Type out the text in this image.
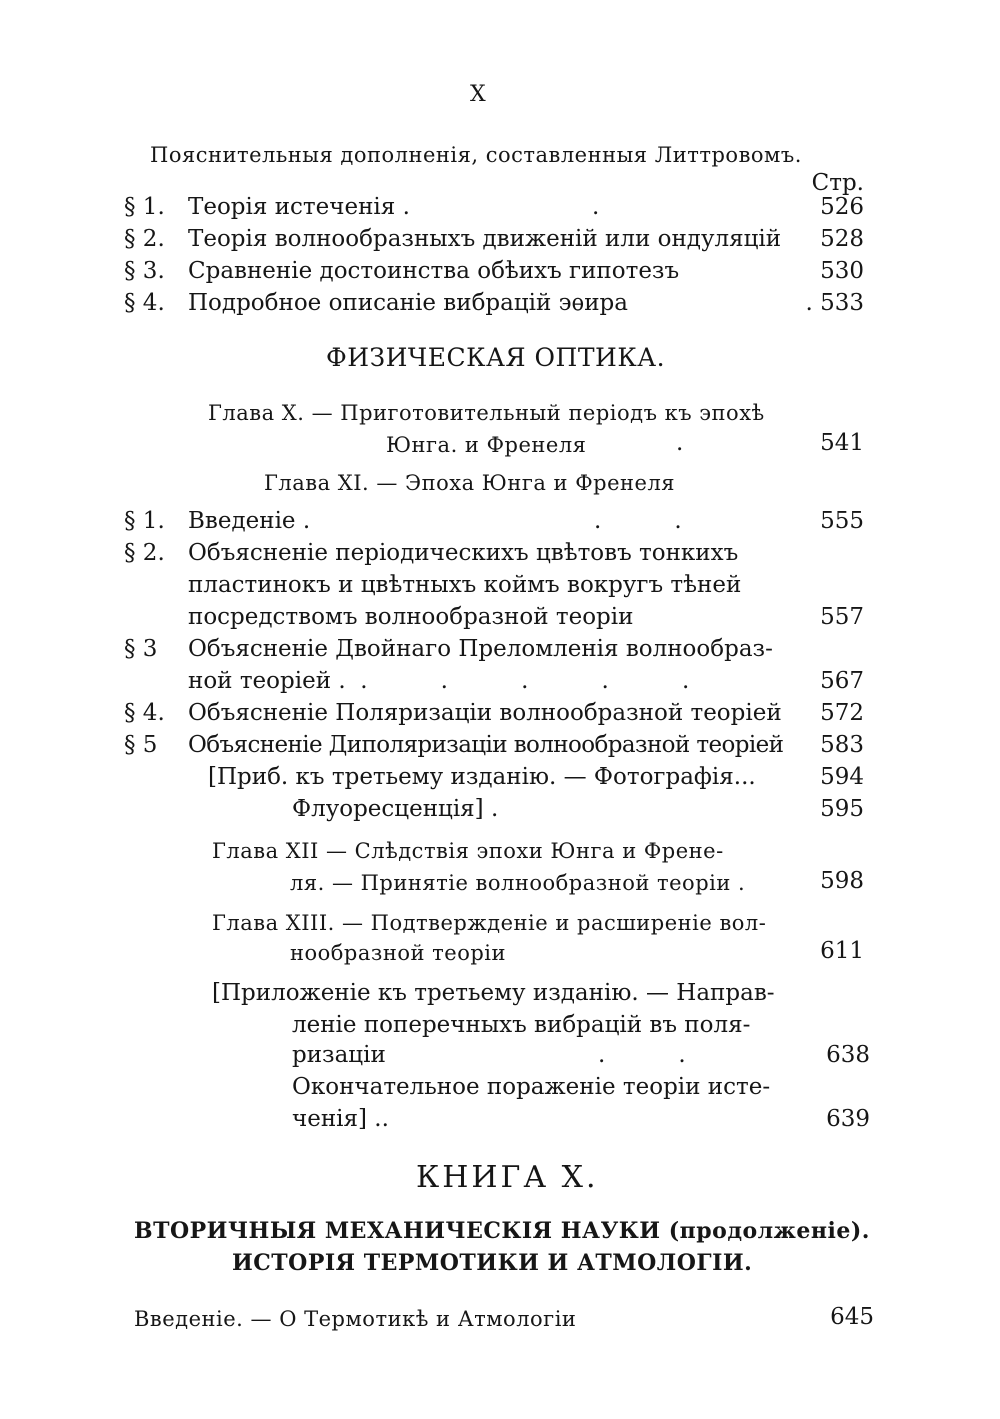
X
Пояснительныя дополненія, составленныя Литтровомъ.
Стр.
§ 1. Теорія истеченія .	.	526
§ 2. Теорія волнообразныхъ движеній или ондуляцій	528
§ 3. Сравненіе достоинства обѣихъ гипотезъ	530
§ 4. Подробное описаніе вибрацій эѳира	. 533
ФИЗИЧЕСКАЯ ОПТИКА.
Глава X. — Приготовительный періодъ къ эпохѣ
Юнга. и Френеля	.	541
Глава XI. — Эпоха Юнга и Френеля
§ 1. Введеніе .	.          .	555
§ 2. Объясненіе періодическихъ цвѣтовъ тонкихъ
пластинокъ и цвѣтныхъ коймъ вокругъ тѣней
посредствомъ волнообразной теоріи	557
§ 3 Объясненіе Двойнаго Преломленія волнообраз-
ной теоріей .  .          .          .          .          .	567
§ 4. Объясненіе Поляризаціи волнообразной теоріей	572
§ 5 Объясненіе Диполяризаціи волнообразной теоріей	583
[Приб. къ третьему изданію. — Фотографія...	594
Флуоресценція] .	595
Глава XII — Слѣдствія эпохи Юнга и Френе-
ля. — Принятіе волнообразной теоріи .	598
Глава XIII. — Подтвержденіе и расширеніе вол-
нообразной теоріи	611
[Приложеніе къ третьему изданію. — Направ-
леніе поперечныхъ вибрацій въ поля-
ризаціи	.          .	638
Окончательное пораженіе теоріи исте-
ченія] ..	639
КНИГА X.
ВТОРИЧНЫЯ МЕХАНИЧЕСКІЯ НАУКИ (продолженіе).
ИСТОРІЯ ТЕРМОТИКИ И АТМОЛОГІИ.
Введеніе. — О Термотикѣ и Атмологіи	645
